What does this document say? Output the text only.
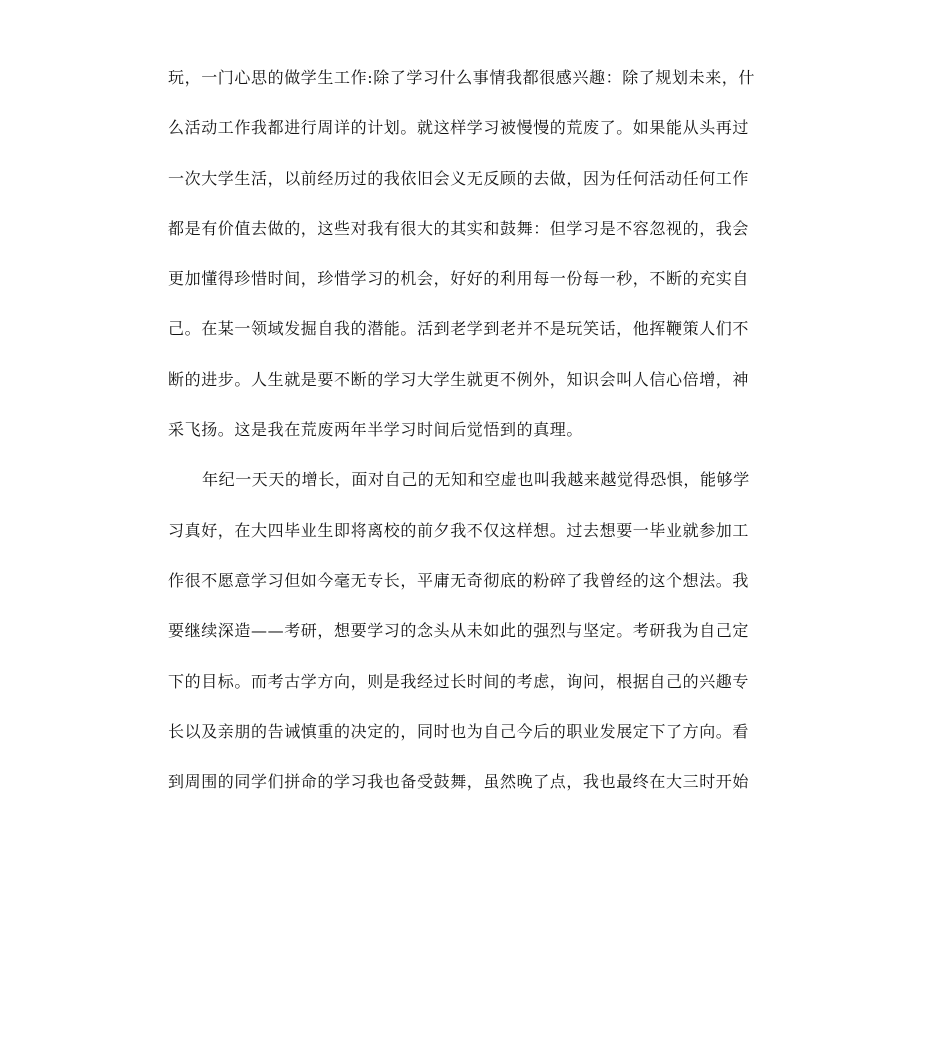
玩，一门心思的做学生工作:除了学习什么事情我都很感兴趣：除了规划未来，什
么活动工作我都进行周详的计划。就这样学习被慢慢的荒废了。如果能从头再过
一次大学生活，以前经历过的我依旧会义无反顾的去做，因为任何活动任何工作
都是有价值去做的，这些对我有很大的其实和鼓舞：但学习是不容忽视的，我会
更加懂得珍惜时间，珍惜学习的机会，好好的利用每一份每一秒，不断的充实自
己。在某一领域发掘自我的潜能。活到老学到老并不是玩笑话，他挥鞭策人们不
断的进步。人生就是要不断的学习大学生就更不例外，知识会叫人信心倍增，神
采飞扬。这是我在荒废两年半学习时间后觉悟到的真理。
年纪一天天的增长，面对自己的无知和空虚也叫我越来越觉得恐惧，能够学
习真好，在大四毕业生即将离校的前夕我不仅这样想。过去想要一毕业就参加工
作很不愿意学习但如今毫无专长，平庸无奇彻底的粉碎了我曾经的这个想法。我
要继续深造——考研，想要学习的念头从未如此的强烈与坚定。考研我为自己定
下的目标。而考古学方向，则是我经过长时间的考虑，询问，根据自己的兴趣专
长以及亲朋的告诫慎重的决定的，同时也为自己今后的职业发展定下了方向。看
到周围的同学们拼命的学习我也备受鼓舞，虽然晚了点，我也最终在大三时开始
